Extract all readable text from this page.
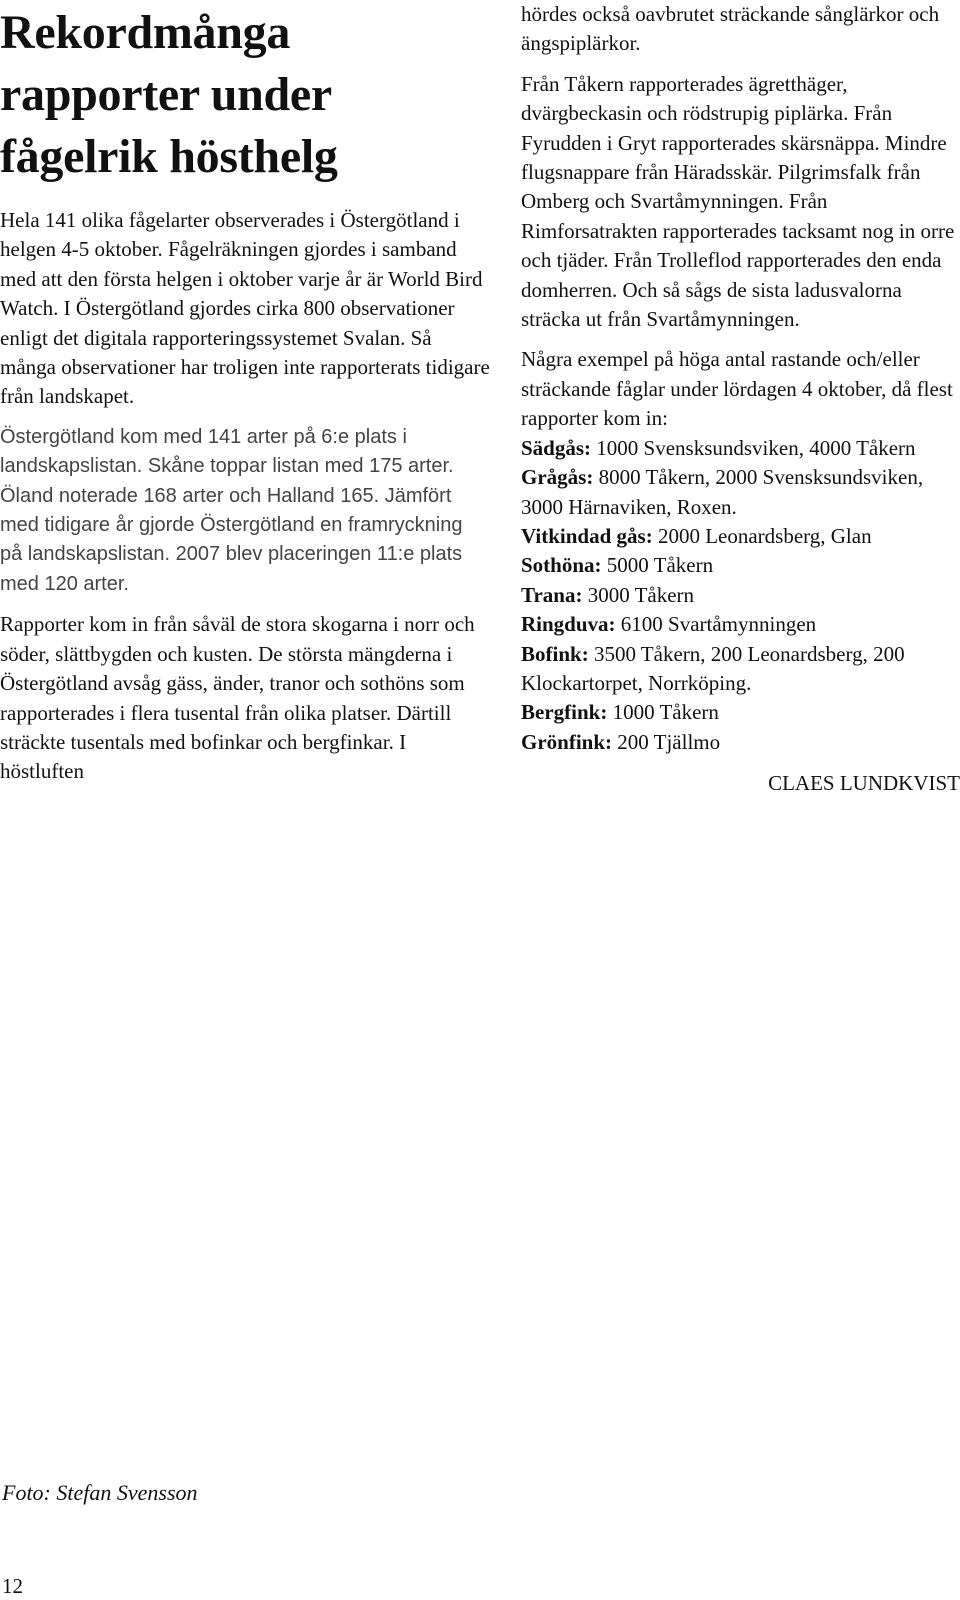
Rekordmånga rapporter under fågelrik hösthelg

Hela 141 olika fågelarter observerades i Östergötland i helgen 4-5 oktober. Fågelräkningen gjordes i samband med att den första helgen i oktober varje år är World Bird Watch. I Östergötland gjordes cirka 800 observationer enligt det digitala rapporteringssystemet Svalan. Så många observationer har troligen inte rapporterats tidigare från landskapet.

Östergötland kom med 141 arter på 6:e plats i landskapslistan. Skåne toppar listan med 175 arter. Öland noterade 168 arter och Halland 165. Jämfört med tidigare år gjorde Östergötland en framryckning på landskapslistan. 2007 blev placeringen 11:e plats med 120 arter.

Rapporter kom in från såväl de stora skogarna i norr och söder, slättbygden och kusten. De största mängderna i Östergötland avsåg gäss, änder, tranor och sothöns som rapporterades i flera tusental från olika platser. Därtill sträckte tusentals med bofinkar och bergfinkar. I höstluften

hördes också oavbrutet sträckande sånglärkor och ängspiplärkor.

Från Tåkern rapporterades ägretthäger, dvärgbeckasin och rödstrupig piplärka. Från Fyrudden i Gryt rapporterades skärsnäppa. Mindre flugsnappare från Häradsskär. Pilgrimsfalk från Omberg och Svartåmynningen. Från Rimforsatrakten rapporterades tacksamt nog in orre och tjäder. Från Trolleflod rapporterades den enda domherren. Och så sågs de sista ladusvalorna sträcka ut från Svartåmynningen.

Några exempel på höga antal rastande och/eller sträckande fåglar under lördagen 4 oktober, då flest rapporter kom in:

Sädgås: 1000 Svensksundsviken, 4000 Tåkern

Grågås: 8000 Tåkern, 2000 Svensksundsviken, 3000 Härnaviken, Roxen.

Vitkindad gås: 2000 Leonardsberg, Glan

Sothöna: 5000 Tåkern

Trana: 3000 Tåkern

Ringduva: 6100 Svartåmynningen

Bofink: 3500 Tåkern, 200 Leonardsberg, 200 Klockartorpet, Norrköping.

Bergfink: 1000 Tåkern

Grönfink: 200 Tjällmo

CLAES LUNDKVIST

Foto: Stefan Svensson

12
